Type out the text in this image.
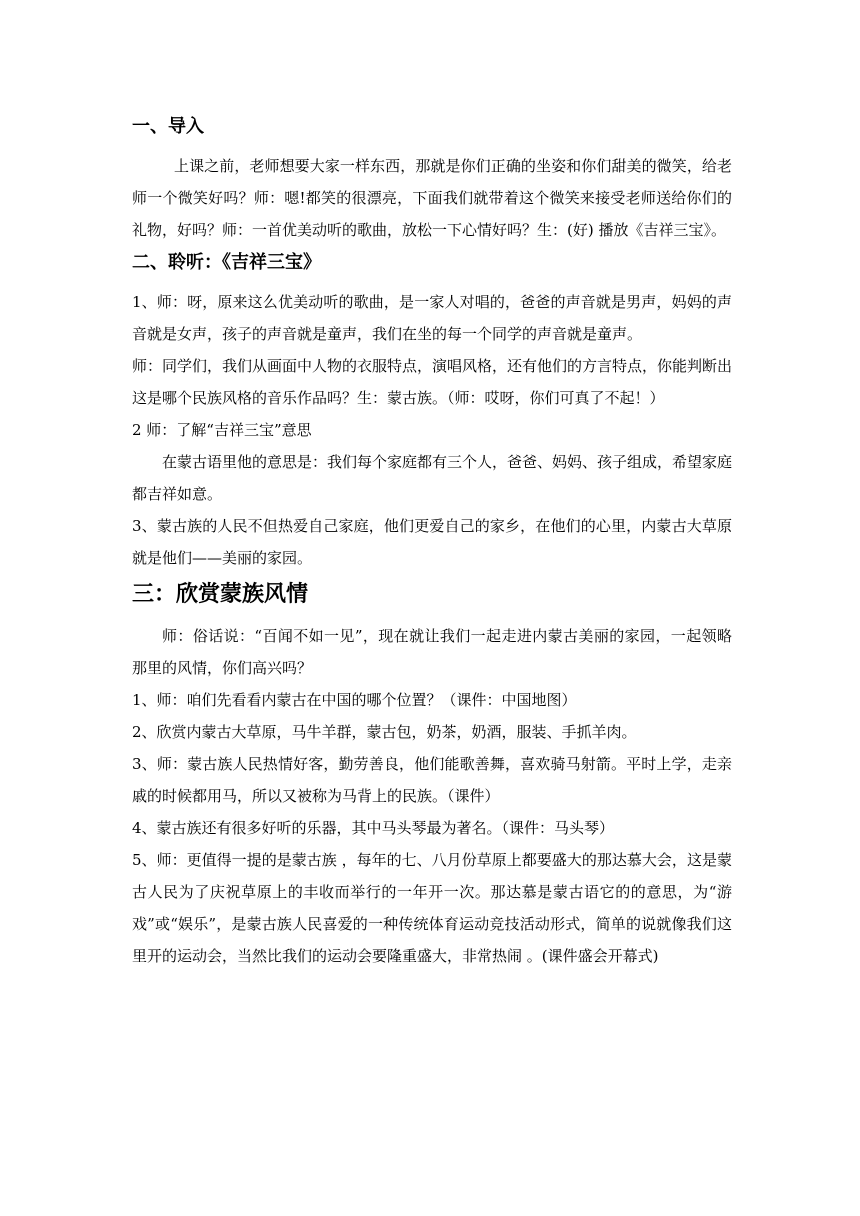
一、导入

上课之前，老师想要大家一样东西，那就是你们正确的坐姿和你们甜美的微笑，给老师一个微笑好吗？师：嗯!都笑的很漂亮，下面我们就带着这个微笑来接受老师送给你们的礼物，好吗？师：一首优美动听的歌曲，放松一下心情好吗？生：(好) 播放《吉祥三宝》。

二、聆听：《吉祥三宝》

1、师：呀，原来这么优美动听的歌曲，是一家人对唱的，爸爸的声音就是男声，妈妈的声音就是女声，孩子的声音就是童声，我们在坐的每一个同学的声音就是童声。

师：同学们，我们从画面中人物的衣服特点，演唱风格，还有他们的方言特点，你能判断出这是哪个民族风格的音乐作品吗？生：蒙古族。（师：哎呀，你们可真了不起！）

2 师：了解“吉祥三宝”意思

在蒙古语里他的意思是：我们每个家庭都有三个人，爸爸、妈妈、孩子组成，希望家庭都吉祥如意。

3、蒙古族的人民不但热爱自己家庭，他们更爱自己的家乡，在他们的心里，内蒙古大草原就是他们——美丽的家园。

三：欣赏蒙族风情

师：俗话说：“百闻不如一见”，现在就让我们一起走进内蒙古美丽的家园，一起领略那里的风情，你们高兴吗？

1、师：咱们先看看内蒙古在中国的哪个位置？（课件：中国地图）

2、欣赏内蒙古大草原，马牛羊群，蒙古包，奶茶，奶酒，服装、手抓羊肉。

3、师：蒙古族人民热情好客，勤劳善良，他们能歌善舞，喜欢骑马射箭。平时上学，走亲戚的时候都用马，所以又被称为马背上的民族。（课件）

4、蒙古族还有很多好听的乐器，其中马头琴最为著名。（课件：马头琴）

5、师：更值得一提的是蒙古族 ，每年的七、八月份草原上都要盛大的那达慕大会，这是蒙古人民为了庆祝草原上的丰收而举行的一年开一次。那达慕是蒙古语它的的意思，为“游戏”或“娱乐”，是蒙古族人民喜爱的一种传统体育运动竞技活动形式，简单的说就像我们这里开的运动会，当然比我们的运动会要隆重盛大，非常热闹 。(课件盛会开幕式)
